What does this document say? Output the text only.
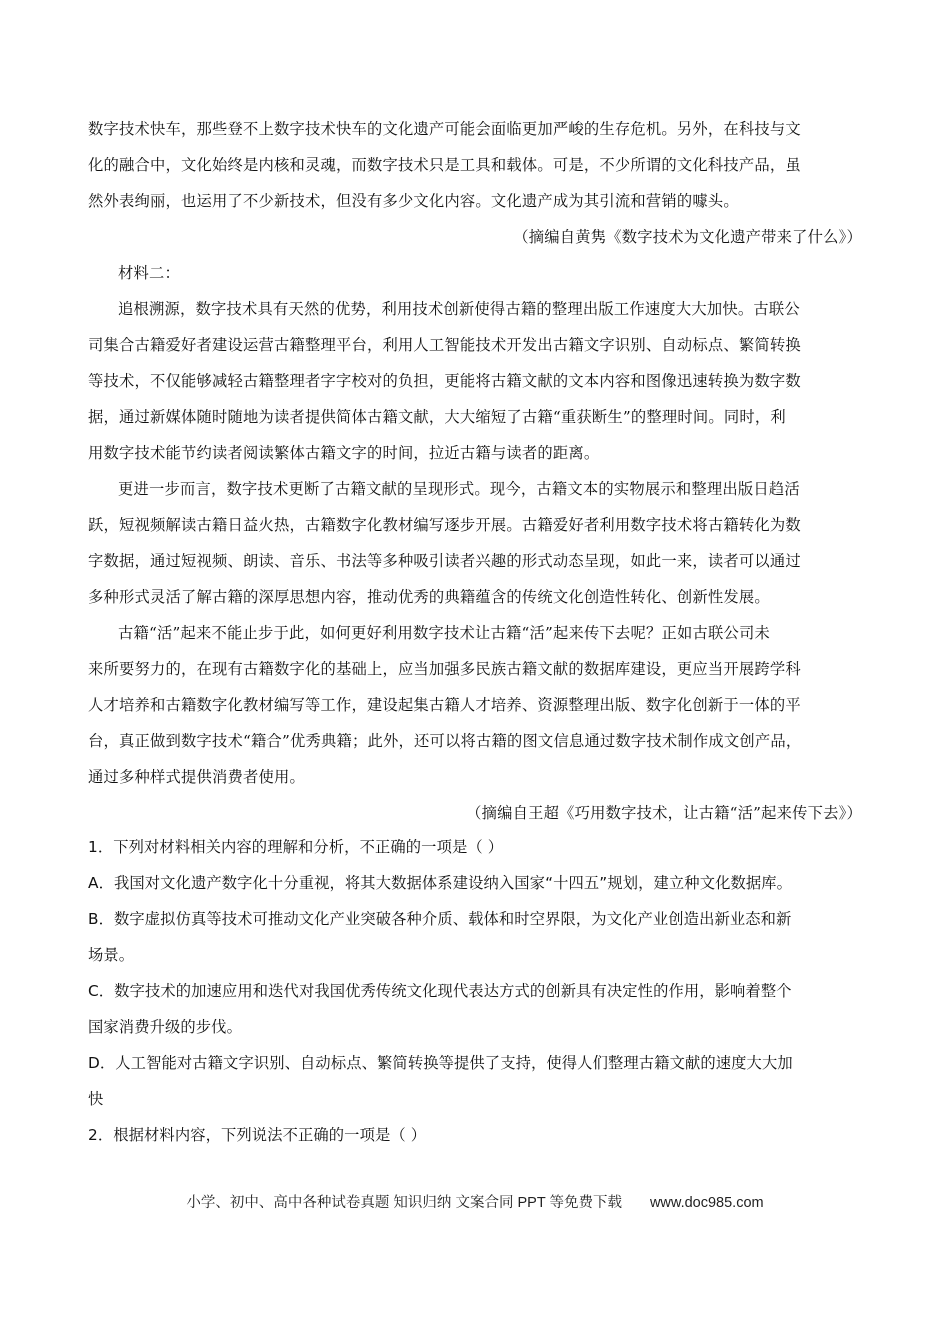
数字技术快车，那些登不上数字技术快车的文化遗产可能会面临更加严峻的生存危机。另外，在科技与文
化的融合中，文化始终是内核和灵魂，而数字技术只是工具和载体。可是，不少所谓的文化科技产品，虽
然外表绚丽，也运用了不少新技术，但没有多少文化内容。文化遗产成为其引流和营销的噱头。
（摘编自黄隽《数字技术为文化遗产带来了什么》）
材料二：
追根溯源，数字技术具有天然的优势，利用技术创新使得古籍的整理出版工作速度大大加快。古联公
司集合古籍爱好者建设运营古籍整理平台，利用人工智能技术开发出古籍文字识别、自动标点、繁简转换
等技术，不仅能够减轻古籍整理者字字校对的负担，更能将古籍文献的文本内容和图像迅速转换为数字数
据，通过新媒体随时随地为读者提供简体古籍文献，大大缩短了古籍“重获断生”的整理时间。同时，利
用数字技术能节约读者阅读繁体古籍文字的时间，拉近古籍与读者的距离。
更进一步而言，数字技术更断了古籍文献的呈现形式。现今，古籍文本的实物展示和整理出版日趋活
跃，短视频解读古籍日益火热，古籍数字化教材编写逐步开展。古籍爱好者利用数字技术将古籍转化为数
字数据，通过短视频、朗读、音乐、书法等多种吸引读者兴趣的形式动态呈现，如此一来，读者可以通过
多种形式灵活了解古籍的深厚思想内容，推动优秀的典籍蕴含的传统文化创造性转化、创新性发展。
古籍“活”起来不能止步于此，如何更好利用数字技术让古籍“活”起来传下去呢？正如古联公司未
来所要努力的，在现有古籍数字化的基础上，应当加强多民族古籍文献的数据库建设，更应当开展跨学科
人才培养和古籍数字化教材编写等工作，建设起集古籍人才培养、资源整理出版、数字化创新于一体的平
台，真正做到数字技术“籍合”优秀典籍；此外，还可以将古籍的图文信息通过数字技术制作成文创产品，
通过多种样式提供消费者使用。
（摘编自王超《巧用数字技术，让古籍“活”起来传下去》）
1．下列对材料相关内容的理解和分析，不正确的一项是（ ）
A．我国对文化遗产数字化十分重视，将其大数据体系建设纳入国家“十四五”规划，建立种文化数据库。
B．数字虚拟仿真等技术可推动文化产业突破各种介质、载体和时空界限，为文化产业创造出新业态和新
场景。
C．数字技术的加速应用和迭代对我国优秀传统文化现代表达方式的创新具有决定性的作用，影响着整个
国家消费升级的步伐。
D．人工智能对古籍文字识别、自动标点、繁简转换等提供了支持，使得人们整理古籍文献的速度大大加
快
2．根据材料内容，下列说法不正确的一项是（ ）
小学、初中、高中各种试卷真题 知识归纳 文案合同 PPT 等免费下载 www.doc985.com
